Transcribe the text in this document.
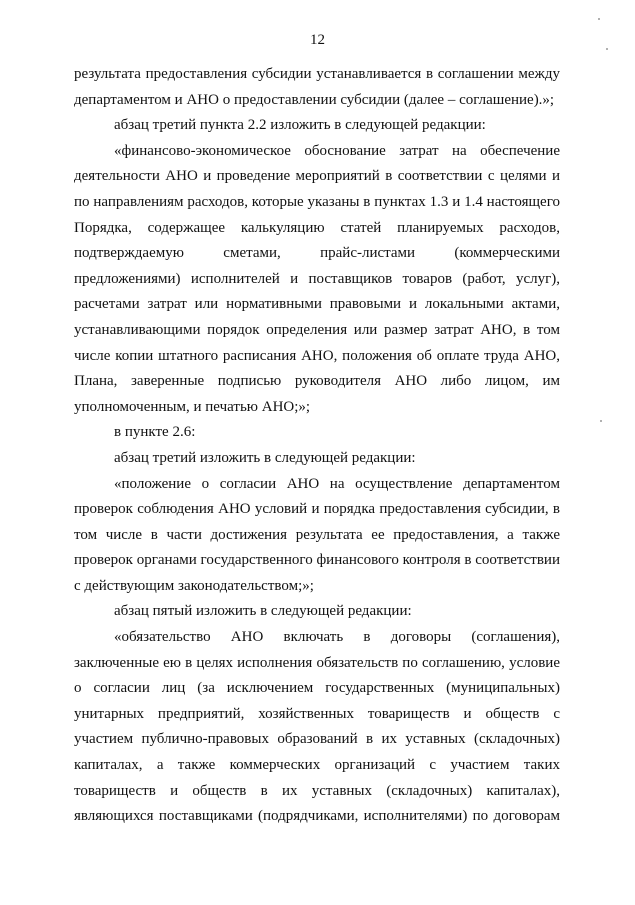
12

результата предоставления субсидии устанавливается в соглашении между департаментом и АНО о предоставлении субсидии (далее – соглашение).»;

абзац третий пункта 2.2 изложить в следующей редакции:

«финансово-экономическое обоснование затрат на обеспечение деятельности АНО и проведение мероприятий в соответствии с целями и по направлениям расходов, которые указаны в пунктах 1.3 и 1.4 настоящего Порядка, содержащее калькуляцию статей планируемых расходов, подтверждаемую сметами, прайс-листами (коммерческими предложениями) исполнителей и поставщиков товаров (работ, услуг), расчетами затрат или нормативными правовыми и локальными актами, устанавливающими порядок определения или размер затрат АНО, в том числе копии штатного расписания АНО, положения об оплате труда АНО, Плана, заверенные подписью руководителя АНО либо лицом, им уполномоченным, и печатью АНО;»;

в пункте 2.6:

абзац третий изложить в следующей редакции:

«положение о согласии АНО на осуществление департаментом проверок соблюдения АНО условий и порядка предоставления субсидии, в том числе в части достижения результата ее предоставления, а также проверок органами государственного финансового контроля в соответствии с действующим законодательством;»;

абзац пятый изложить в следующей редакции:

«обязательство АНО включать в договоры (соглашения), заключенные ею в целях исполнения обязательств по соглашению, условие о согласии лиц (за исключением государственных (муниципальных) унитарных предприятий, хозяйственных товариществ и обществ с участием публично-правовых образований в их уставных (складочных) капиталах, а также коммерческих организаций с участием таких товариществ и обществ в их уставных (складочных) капиталах), являющихся поставщиками (подрядчиками, исполнителями) по договорам
